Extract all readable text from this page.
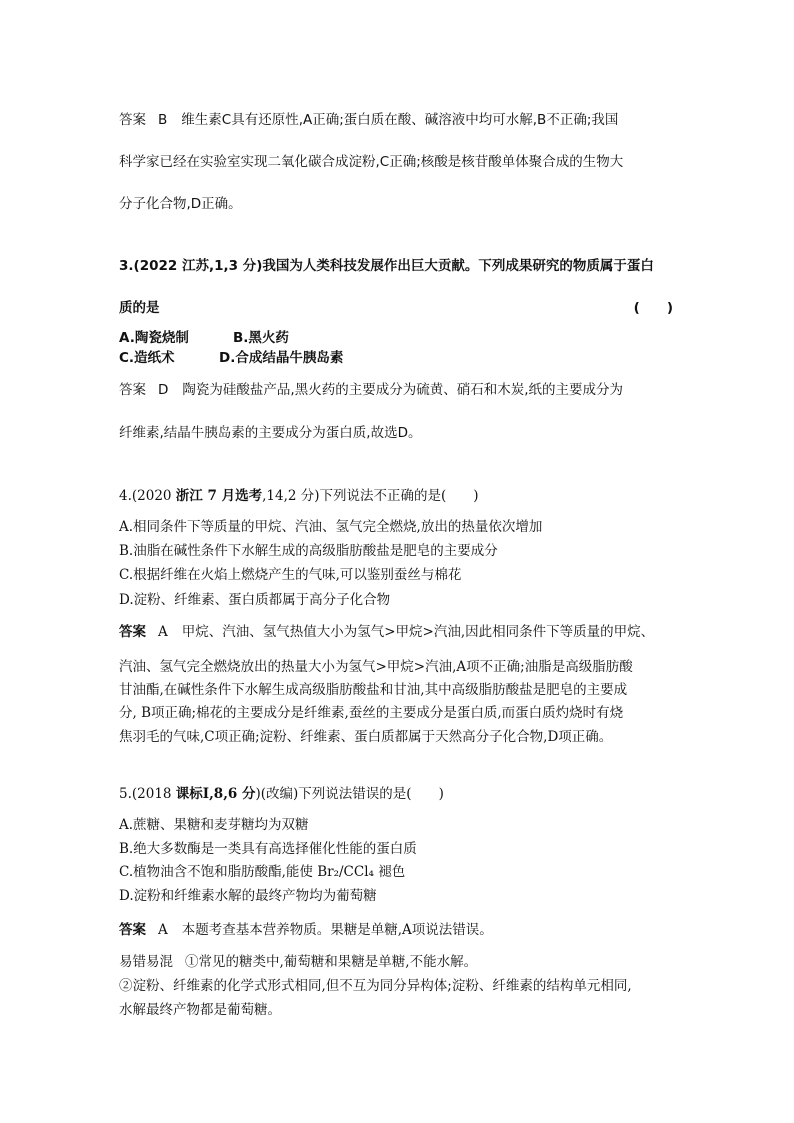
答案 B 维生素C具有还原性,A正确;蛋白质在酸、碱溶液中均可水解,B不正确;我国
科学家已经在实验室实现二氧化碳合成淀粉,C正确;核酸是核苷酸单体聚合成的生物大
分子化合物,D正确。
3.(2022 江苏,1,3 分)我国为人类科技发展作出巨大贡献。下列成果研究的物质属于蛋白
质的是	(　　)
A.陶瓷烧制	B.黑火药
C.造纸术	D.合成结晶牛胰岛素
答案 D 陶瓷为硅酸盐产品,黑火药的主要成分为硫黄、硝石和木炭,纸的主要成分为
纤维素,结晶牛胰岛素的主要成分为蛋白质,故选D。
4.(2020 浙江 7 月选考,14,2 分)下列说法不正确的是(　　)
A.相同条件下等质量的甲烷、汽油、氢气完全燃烧,放出的热量依次增加
B.油脂在碱性条件下水解生成的高级脂肪酸盐是肥皂的主要成分
C.根据纤维在火焰上燃烧产生的气味,可以鉴别蚕丝与棉花
D.淀粉、纤维素、蛋白质都属于高分子化合物
答案 A 甲烷、汽油、氢气热值大小为氢气>甲烷>汽油,因此相同条件下等质量的甲烷、
汽油、氢气完全燃烧放出的热量大小为氢气>甲烷>汽油,A项不正确;油脂是高级脂肪酸
甘油酯,在碱性条件下水解生成高级脂肪酸盐和甘油,其中高级脂肪酸盐是肥皂的主要成
分, B项正确;棉花的主要成分是纤维素,蚕丝的主要成分是蛋白质,而蛋白质灼烧时有烧
焦羽毛的气味,C项正确;淀粉、纤维素、蛋白质都属于天然高分子化合物,D项正确。
5.(2018 课标Ⅰ,8,6 分)(改编)下列说法错误的是(　　)
A.蔗糖、果糖和麦芽糖均为双糖
B.绝大多数酶是一类具有高选择催化性能的蛋白质
C.植物油含不饱和脂肪酸酯,能使 Br₂/CCl₄ 褪色
D.淀粉和纤维素水解的最终产物均为葡萄糖
答案 A 本题考查基本营养物质。果糖是单糖,A项说法错误。
易错易混 ①常见的糖类中,葡萄糖和果糖是单糖,不能水解。
②淀粉、纤维素的化学式形式相同,但不互为同分异构体;淀粉、纤维素的结构单元相同,
水解最终产物都是葡萄糖。
